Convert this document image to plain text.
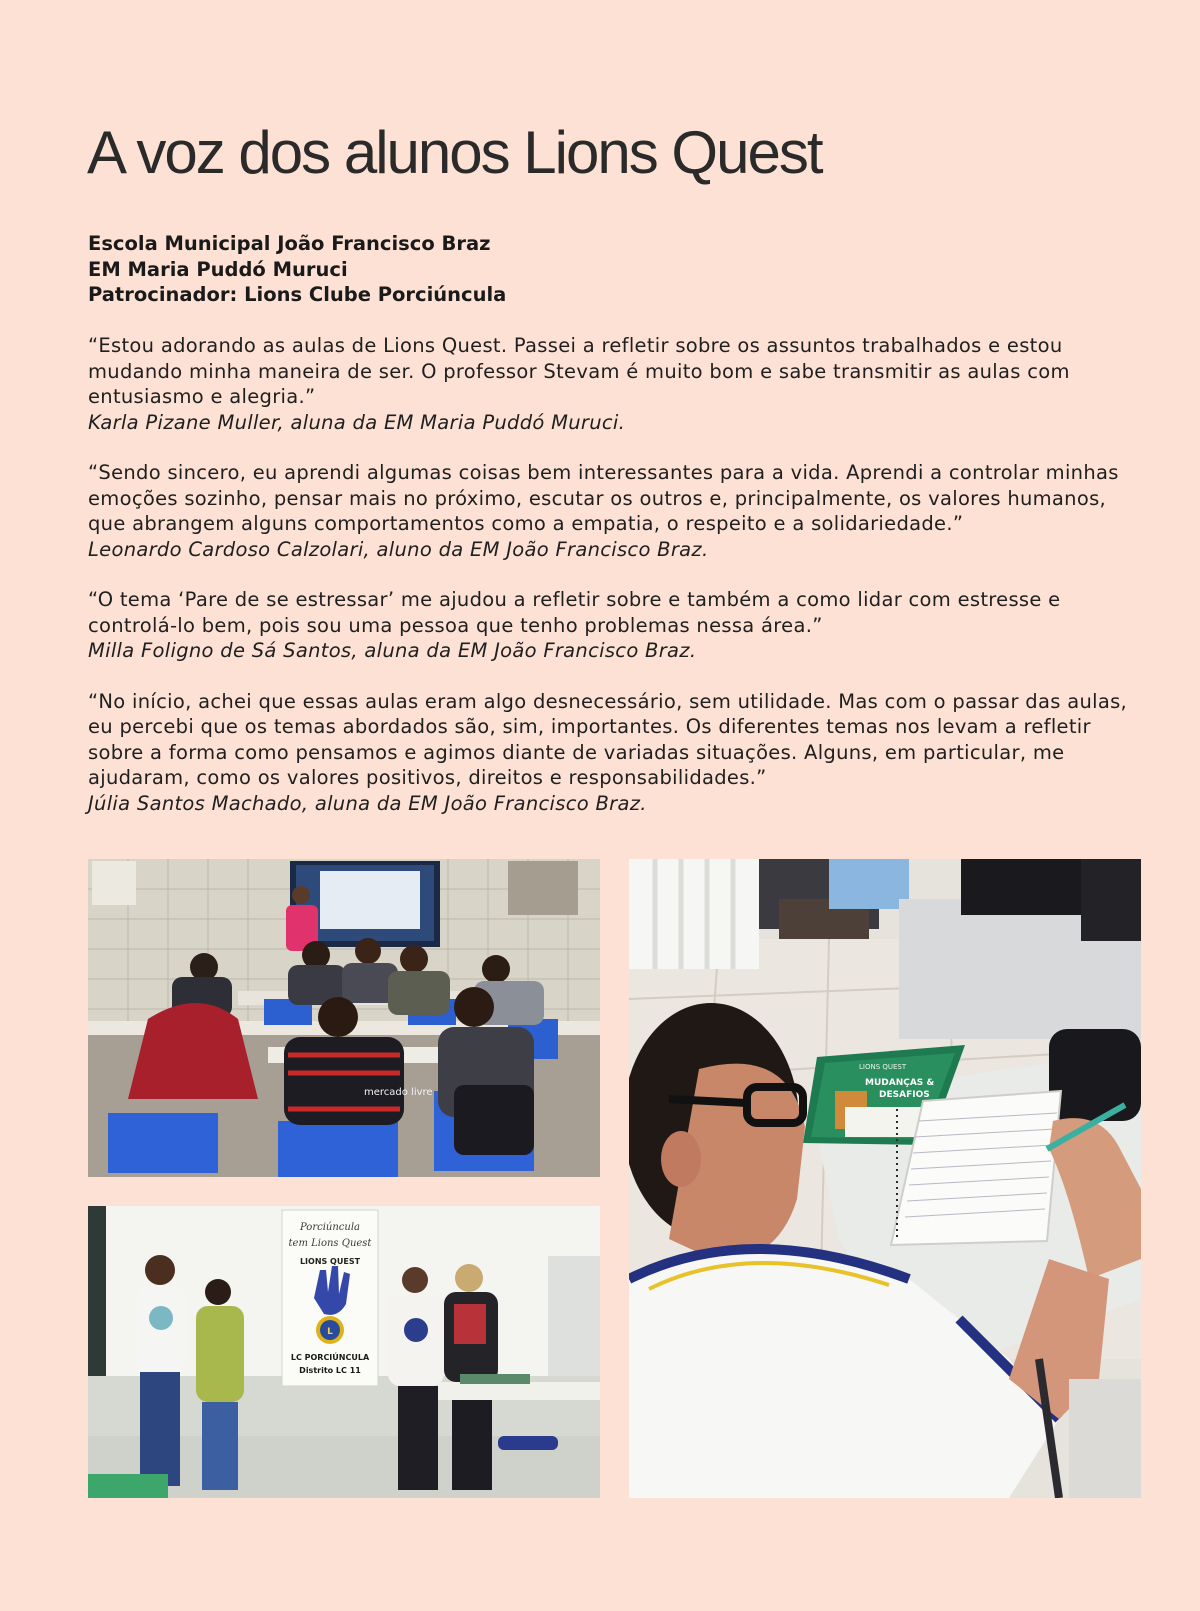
A voz dos alunos Lions Quest
Escola Municipal João Francisco Braz
EM Maria Puddó Muruci
Patrocinador: Lions Clube Porciúncula
“Estou adorando as aulas de Lions Quest. Passei a refletir sobre os assuntos trabalhados e estou
mudando minha maneira de ser. O professor Stevam é muito bom e sabe transmitir as aulas com
entusiasmo e alegria.”
Karla Pizane Muller, aluna da EM Maria Puddó Muruci.
“Sendo sincero, eu aprendi algumas coisas bem interessantes para a vida. Aprendi a controlar minhas
emoções sozinho, pensar mais no próximo, escutar os outros e, principalmente, os valores humanos,
que abrangem alguns comportamentos como a empatia, o respeito e a solidariedade.”
Leonardo Cardoso Calzolari, aluno da EM João Francisco Braz.
“O tema ‘Pare de se estressar’ me ajudou a refletir sobre e também a como lidar com estresse e
controlá-lo bem, pois sou uma pessoa que tenho problemas nessa área.”
Milla Foligno de Sá Santos, aluna da EM João Francisco Braz.
“No início, achei que essas aulas eram algo desnecessário, sem utilidade. Mas com o passar das aulas,
eu percebi que os temas abordados são, sim, importantes. Os diferentes temas nos levam a refletir
sobre a forma como pensamos e agimos diante de variadas situações. Alguns, em particular, me
ajudaram, como os valores positivos, direitos e responsabilidades.”
Júlia Santos Machado, aluna da EM João Francisco Braz.
mercado livre
Porciúncula
tem Lions Quest
LIONS QUEST
L
LC PORCIÚNCULA
Distrito LC 11
LIONS QUEST
MUDANÇAS &
DESAFIOS
